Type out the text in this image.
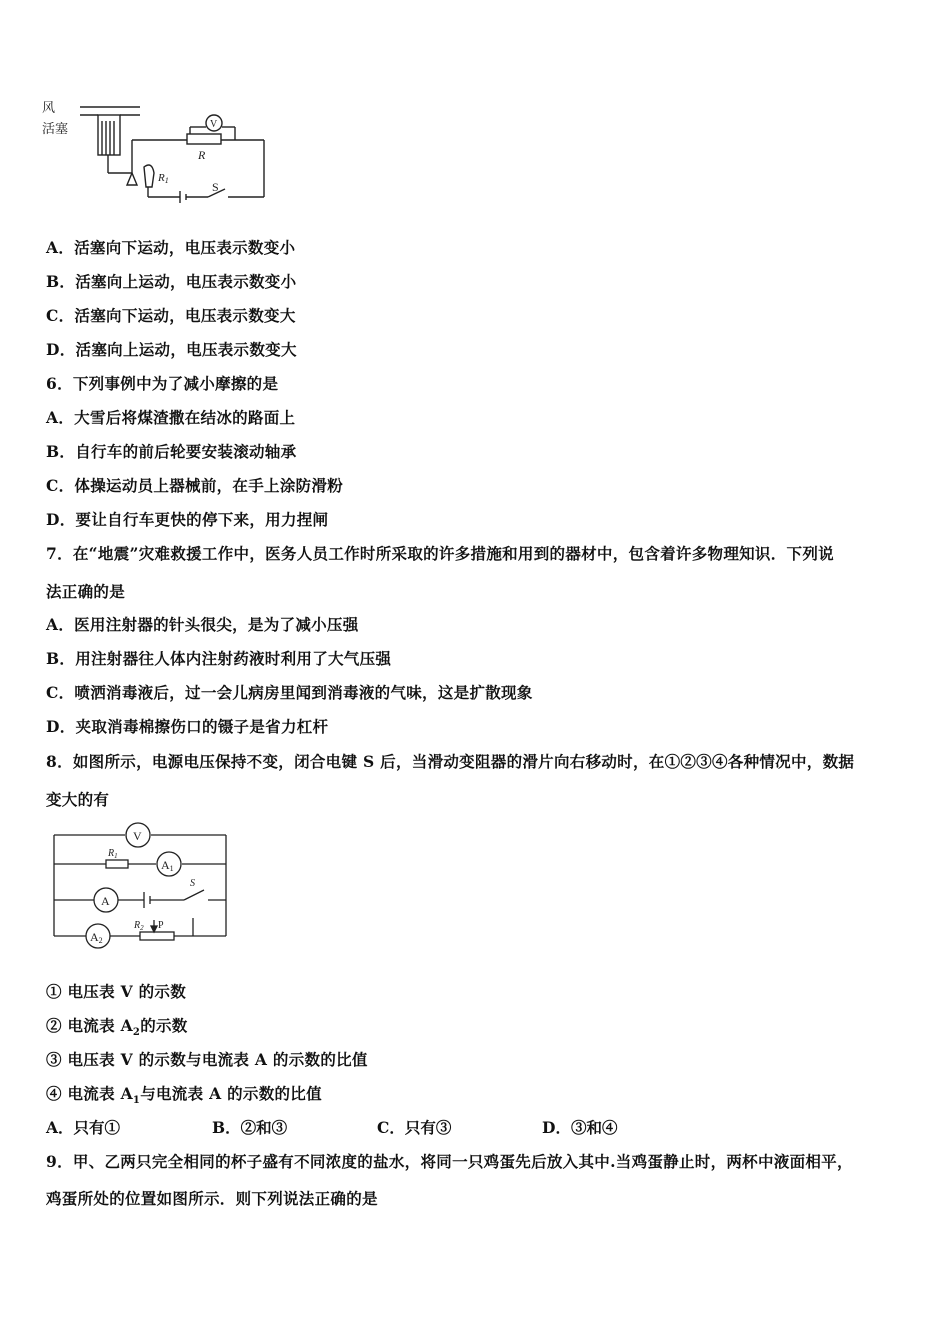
风
活塞	V
R
R1	S
A．活塞向下运动，电压表示数变小
B．活塞向上运动，电压表示数变小
C．活塞向下运动，电压表示数变大
D．活塞向上运动，电压表示数变大
6．下列事例中为了减小摩擦的是
A．大雪后将煤渣撒在结冰的路面上
B．自行车的前后轮要安装滚动轴承
C．体操运动员上器械前，在手上涂防滑粉
D．要让自行车更快的停下来，用力捏闸
7．在“地震”灾难救援工作中，医务人员工作时所采取的许多措施和用到的器材中，包含着许多物理知识．下列说
法正确的是
A．医用注射器的针头很尖，是为了减小压强
B．用注射器往人体内注射药液时利用了大气压强
C．喷洒消毒液后，过一会儿病房里闻到消毒液的气味，这是扩散现象
D．夹取消毒棉擦伤口的镊子是省力杠杆
8．如图所示，电源电压保持不变，闭合电键 S 后，当滑动变阻器的滑片向右移动时，在①②③④各种情况中，数据
变大的有
V
A1
A
A2
$R_1$
$R_2$ P
S
① 电压表 V 的示数
② 电流表 $A_2$的示数
③ 电压表 V 的示数与电流表 A 的示数的比值
④ 电流表 $A_1$与电流表 A 的示数的比值
A．只有①	B．②和③	C．只有③	D．③和④
9．甲、乙两只完全相同的杯子盛有不同浓度的盐水，将同一只鸡蛋先后放入其中.当鸡蛋静止时，两杯中液面相平，
鸡蛋所处的位置如图所示．则下列说法正确的是
